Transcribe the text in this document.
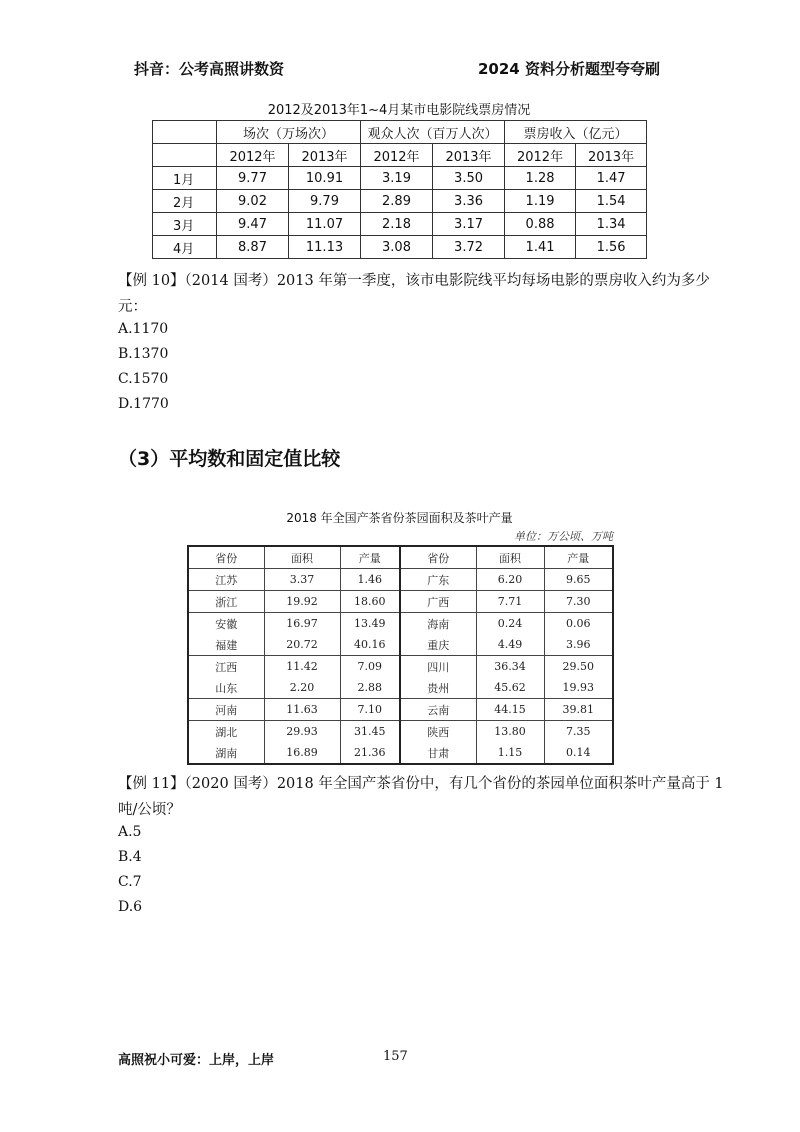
抖音：公考高照讲数资	2024 资料分析题型夸夸刷
2012及2013年1~4月某市电影院线票房情况
	场次（万场次）		观众人次（百万人次）		票房收入（亿元）	
	2012年	2013年	2012年	2013年	2012年	2013年
1月	9.77	10.91	3.19	3.50	1.28	1.47
2月	9.02	9.79	2.89	3.36	1.19	1.54
3月	9.47	11.07	2.18	3.17	0.88	1.34
4月	8.87	11.13	3.08	3.72	1.41	1.56
【例 10】（2014 国考）2013 年第一季度，该市电影院线平均每场电影的票房收入约为多少
元：
A.1170
B.1370
C.1570
D.1770
（3）平均数和固定值比较
2018 年全国产茶省份茶园面积及茶叶产量
单位：万公顷、万吨
省份	面积	产量	省份	面积	产量
江苏	3.37	1.46	广东	6.20	9.65
浙江	19.92	18.60	广西	7.71	7.30
安徽	16.97	13.49	海南	0.24	0.06
福建	20.72	40.16	重庆	4.49	3.96
江西	11.42	7.09	四川	36.34	29.50
山东	2.20	2.88	贵州	45.62	19.93
河南	11.63	7.10	云南	44.15	39.81
湖北	29.93	31.45	陕西	13.80	7.35
湖南	16.89	21.36	甘肃	1.15	0.14
【例 11】（2020 国考）2018 年全国产茶省份中，有几个省份的茶园单位面积茶叶产量高于 1
吨/公顷？
A.5
B.4
C.7
D.6
高照祝小可爱：上岸，上岸	157
